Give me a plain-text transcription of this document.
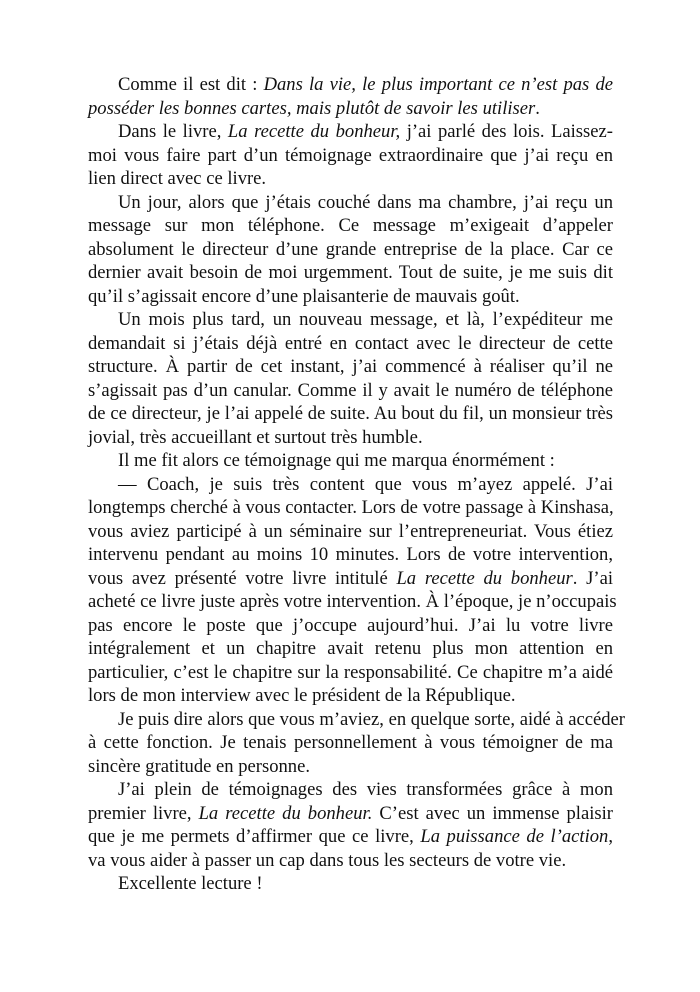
Comme il est dit : Dans la vie, le plus important ce n’est pas de
posséder les bonnes cartes, mais plutôt de savoir les utiliser.
Dans le livre, La recette du bonheur, j’ai parlé des lois. Laissez-
moi vous faire part d’un témoignage extraordinaire que j’ai reçu en
lien direct avec ce livre.
Un jour, alors que j’étais couché dans ma chambre, j’ai reçu un
message sur mon téléphone. Ce message m’exigeait d’appeler
absolument le directeur d’une grande entreprise de la place. Car ce
dernier avait besoin de moi urgemment. Tout de suite, je me suis dit
qu’il s’agissait encore d’une plaisanterie de mauvais goût.
Un mois plus tard, un nouveau message, et là, l’expéditeur me
demandait si j’étais déjà entré en contact avec le directeur de cette
structure. À partir de cet instant, j’ai commencé à réaliser qu’il ne
s’agissait pas d’un canular. Comme il y avait le numéro de téléphone
de ce directeur, je l’ai appelé de suite. Au bout du fil, un monsieur très
jovial, très accueillant et surtout très humble.
Il me fit alors ce témoignage qui me marqua énormément :
— Coach, je suis très content que vous m’ayez appelé. J’ai
longtemps cherché à vous contacter. Lors de votre passage à Kinshasa,
vous aviez participé à un séminaire sur l’entrepreneuriat. Vous étiez
intervenu pendant au moins 10 minutes. Lors de votre intervention,
vous avez présenté votre livre intitulé La recette du bonheur. J’ai
acheté ce livre juste après votre intervention. À l’époque, je n’occupais
pas encore le poste que j’occupe aujourd’hui. J’ai lu votre livre
intégralement et un chapitre avait retenu plus mon attention en
particulier, c’est le chapitre sur la responsabilité. Ce chapitre m’a aidé
lors de mon interview avec le président de la République.
Je puis dire alors que vous m’aviez, en quelque sorte, aidé à accéder
à cette fonction. Je tenais personnellement à vous témoigner de ma
sincère gratitude en personne.
J’ai plein de témoignages des vies transformées grâce à mon
premier livre, La recette du bonheur. C’est avec un immense plaisir
que je me permets d’affirmer que ce livre, La puissance de l’action,
va vous aider à passer un cap dans tous les secteurs de votre vie.
Excellente lecture !
